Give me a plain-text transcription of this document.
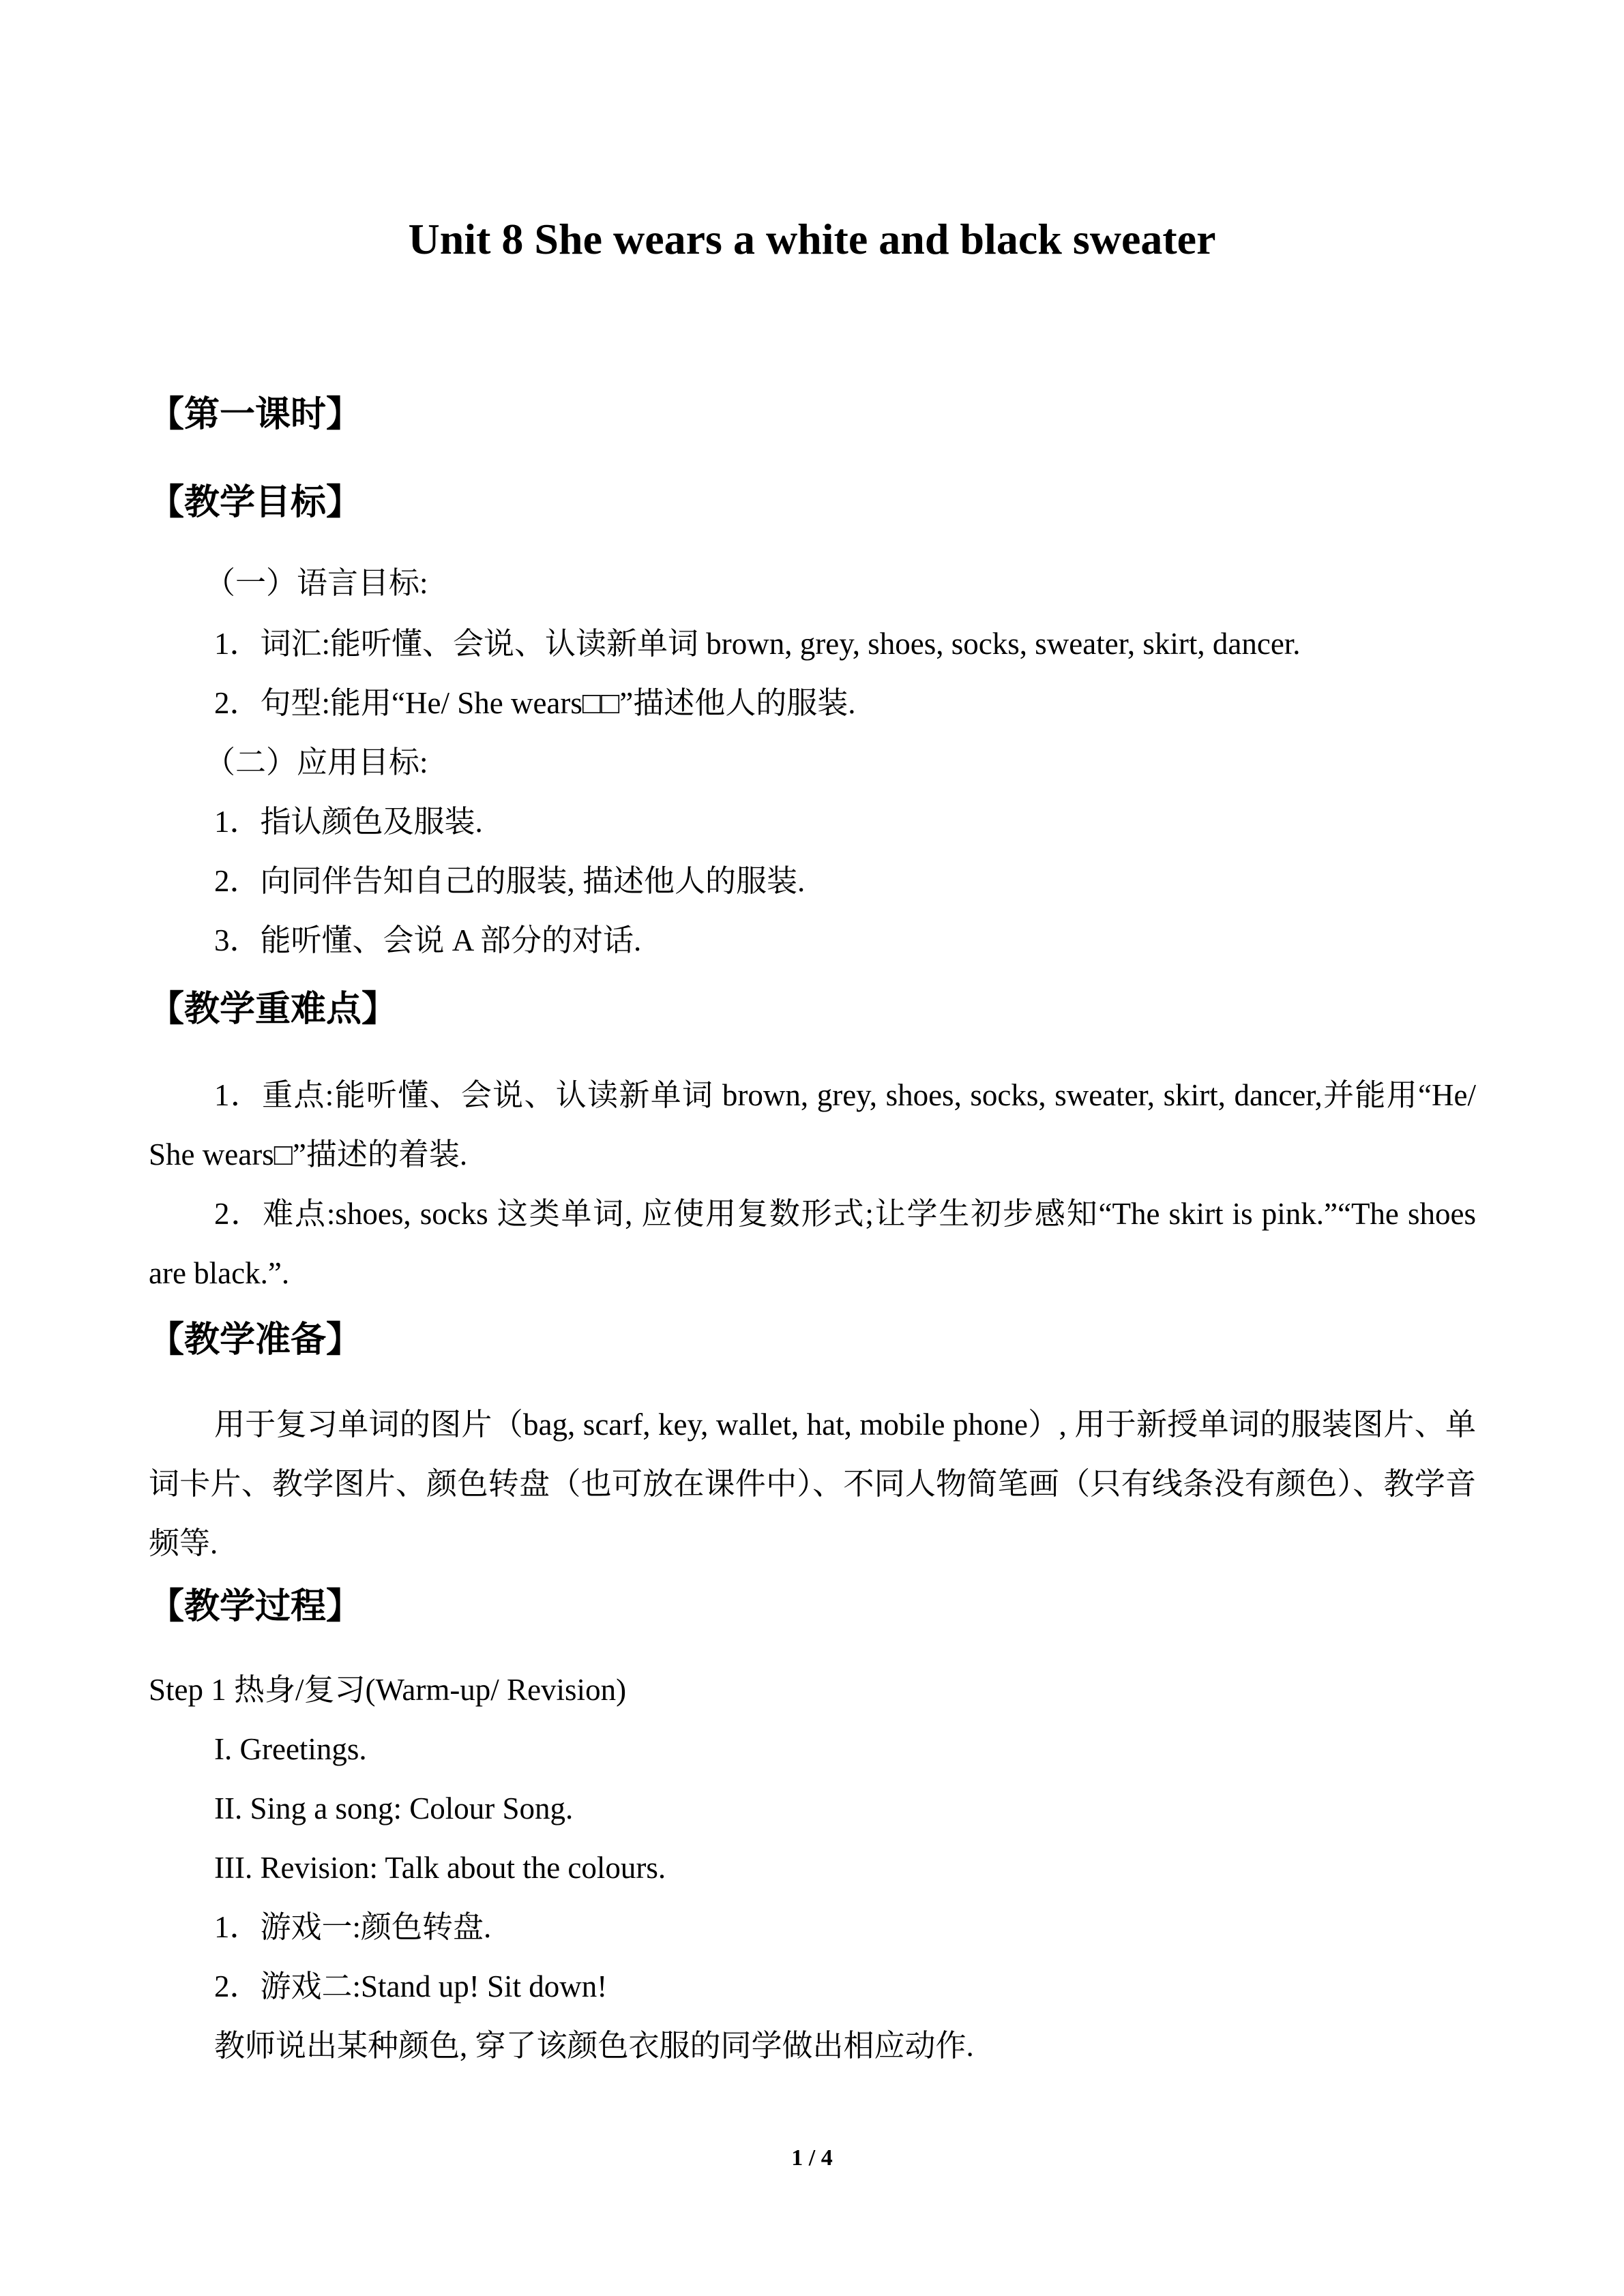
Unit 8 She wears a white and black sweater
【第一课时】
【教学目标】
（一）语言目标:
1．词汇:能听懂、会说、认读新单词 brown, grey, shoes, socks, sweater, skirt, dancer.
2．句型:能用“He/ She wears□□”描述他人的服装.
（二）应用目标:
1．指认颜色及服装.
2．向同伴告知自己的服装, 描述他人的服装.
3．能听懂、会说 A 部分的对话.
【教学重难点】
1．重点:能听懂、会说、认读新单词 brown, grey, shoes, socks, sweater, skirt, dancer,并能用“He/ She wears□”描述的着装.
2．难点:shoes, socks 这类单词, 应使用复数形式;让学生初步感知“The skirt is pink.”“The shoes are black.”.
【教学准备】
用于复习单词的图片（bag, scarf, key, wallet, hat, mobile phone）, 用于新授单词的服装图片、单词卡片、教学图片、颜色转盘（也可放在课件中）、不同人物简笔画（只有线条没有颜色）、教学音频等.
【教学过程】
Step 1 热身/复习(Warm-up/ Revision)
I. Greetings.
II. Sing a song: Colour Song.
III. Revision: Talk about the colours.
1．游戏一:颜色转盘.
2．游戏二:Stand up! Sit down!
教师说出某种颜色, 穿了该颜色衣服的同学做出相应动作.
1 / 4
